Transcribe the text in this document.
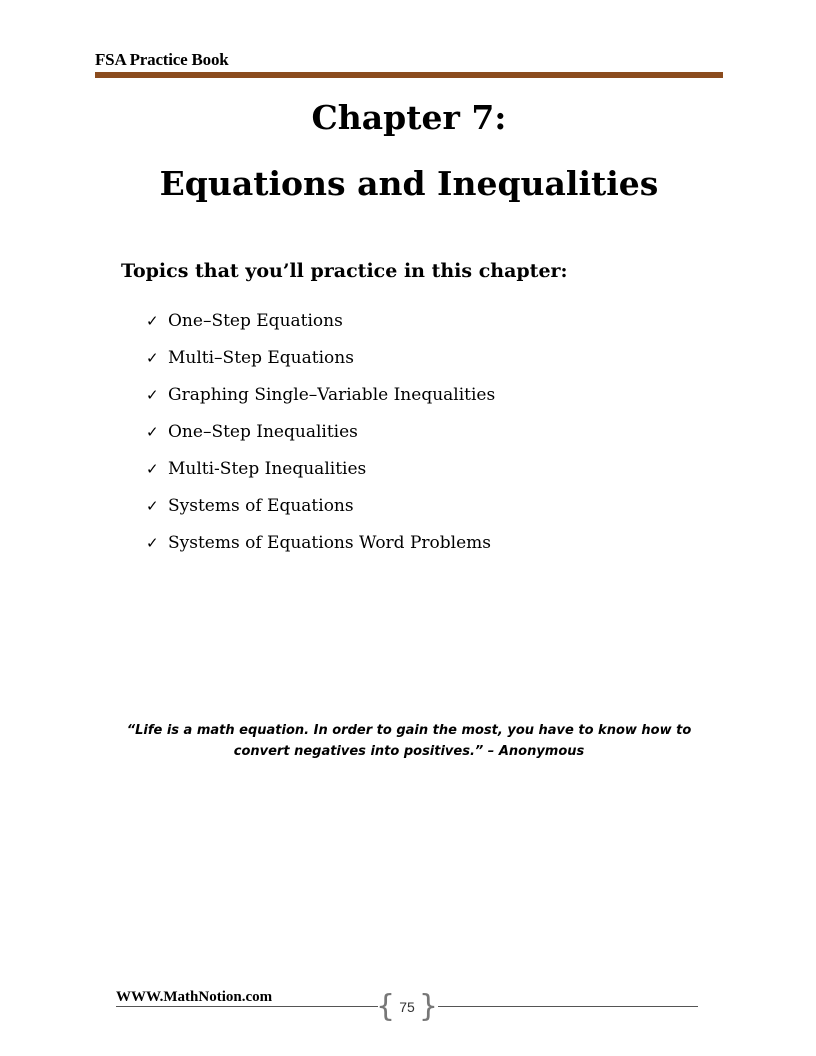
FSA Practice Book
Chapter 7:
Equations and Inequalities
Topics that you’ll practice in this chapter:
✓ One–Step Equations
✓ Multi–Step Equations
✓ Graphing Single–Variable Inequalities
✓ One–Step Inequalities
✓ Multi-Step Inequalities
✓ Systems of Equations
✓ Systems of Equations Word Problems
“Life is a math equation. In order to gain the most, you have to know how to
convert negatives into positives.” – Anonymous
WWW.MathNotion.com	{ 75 }
